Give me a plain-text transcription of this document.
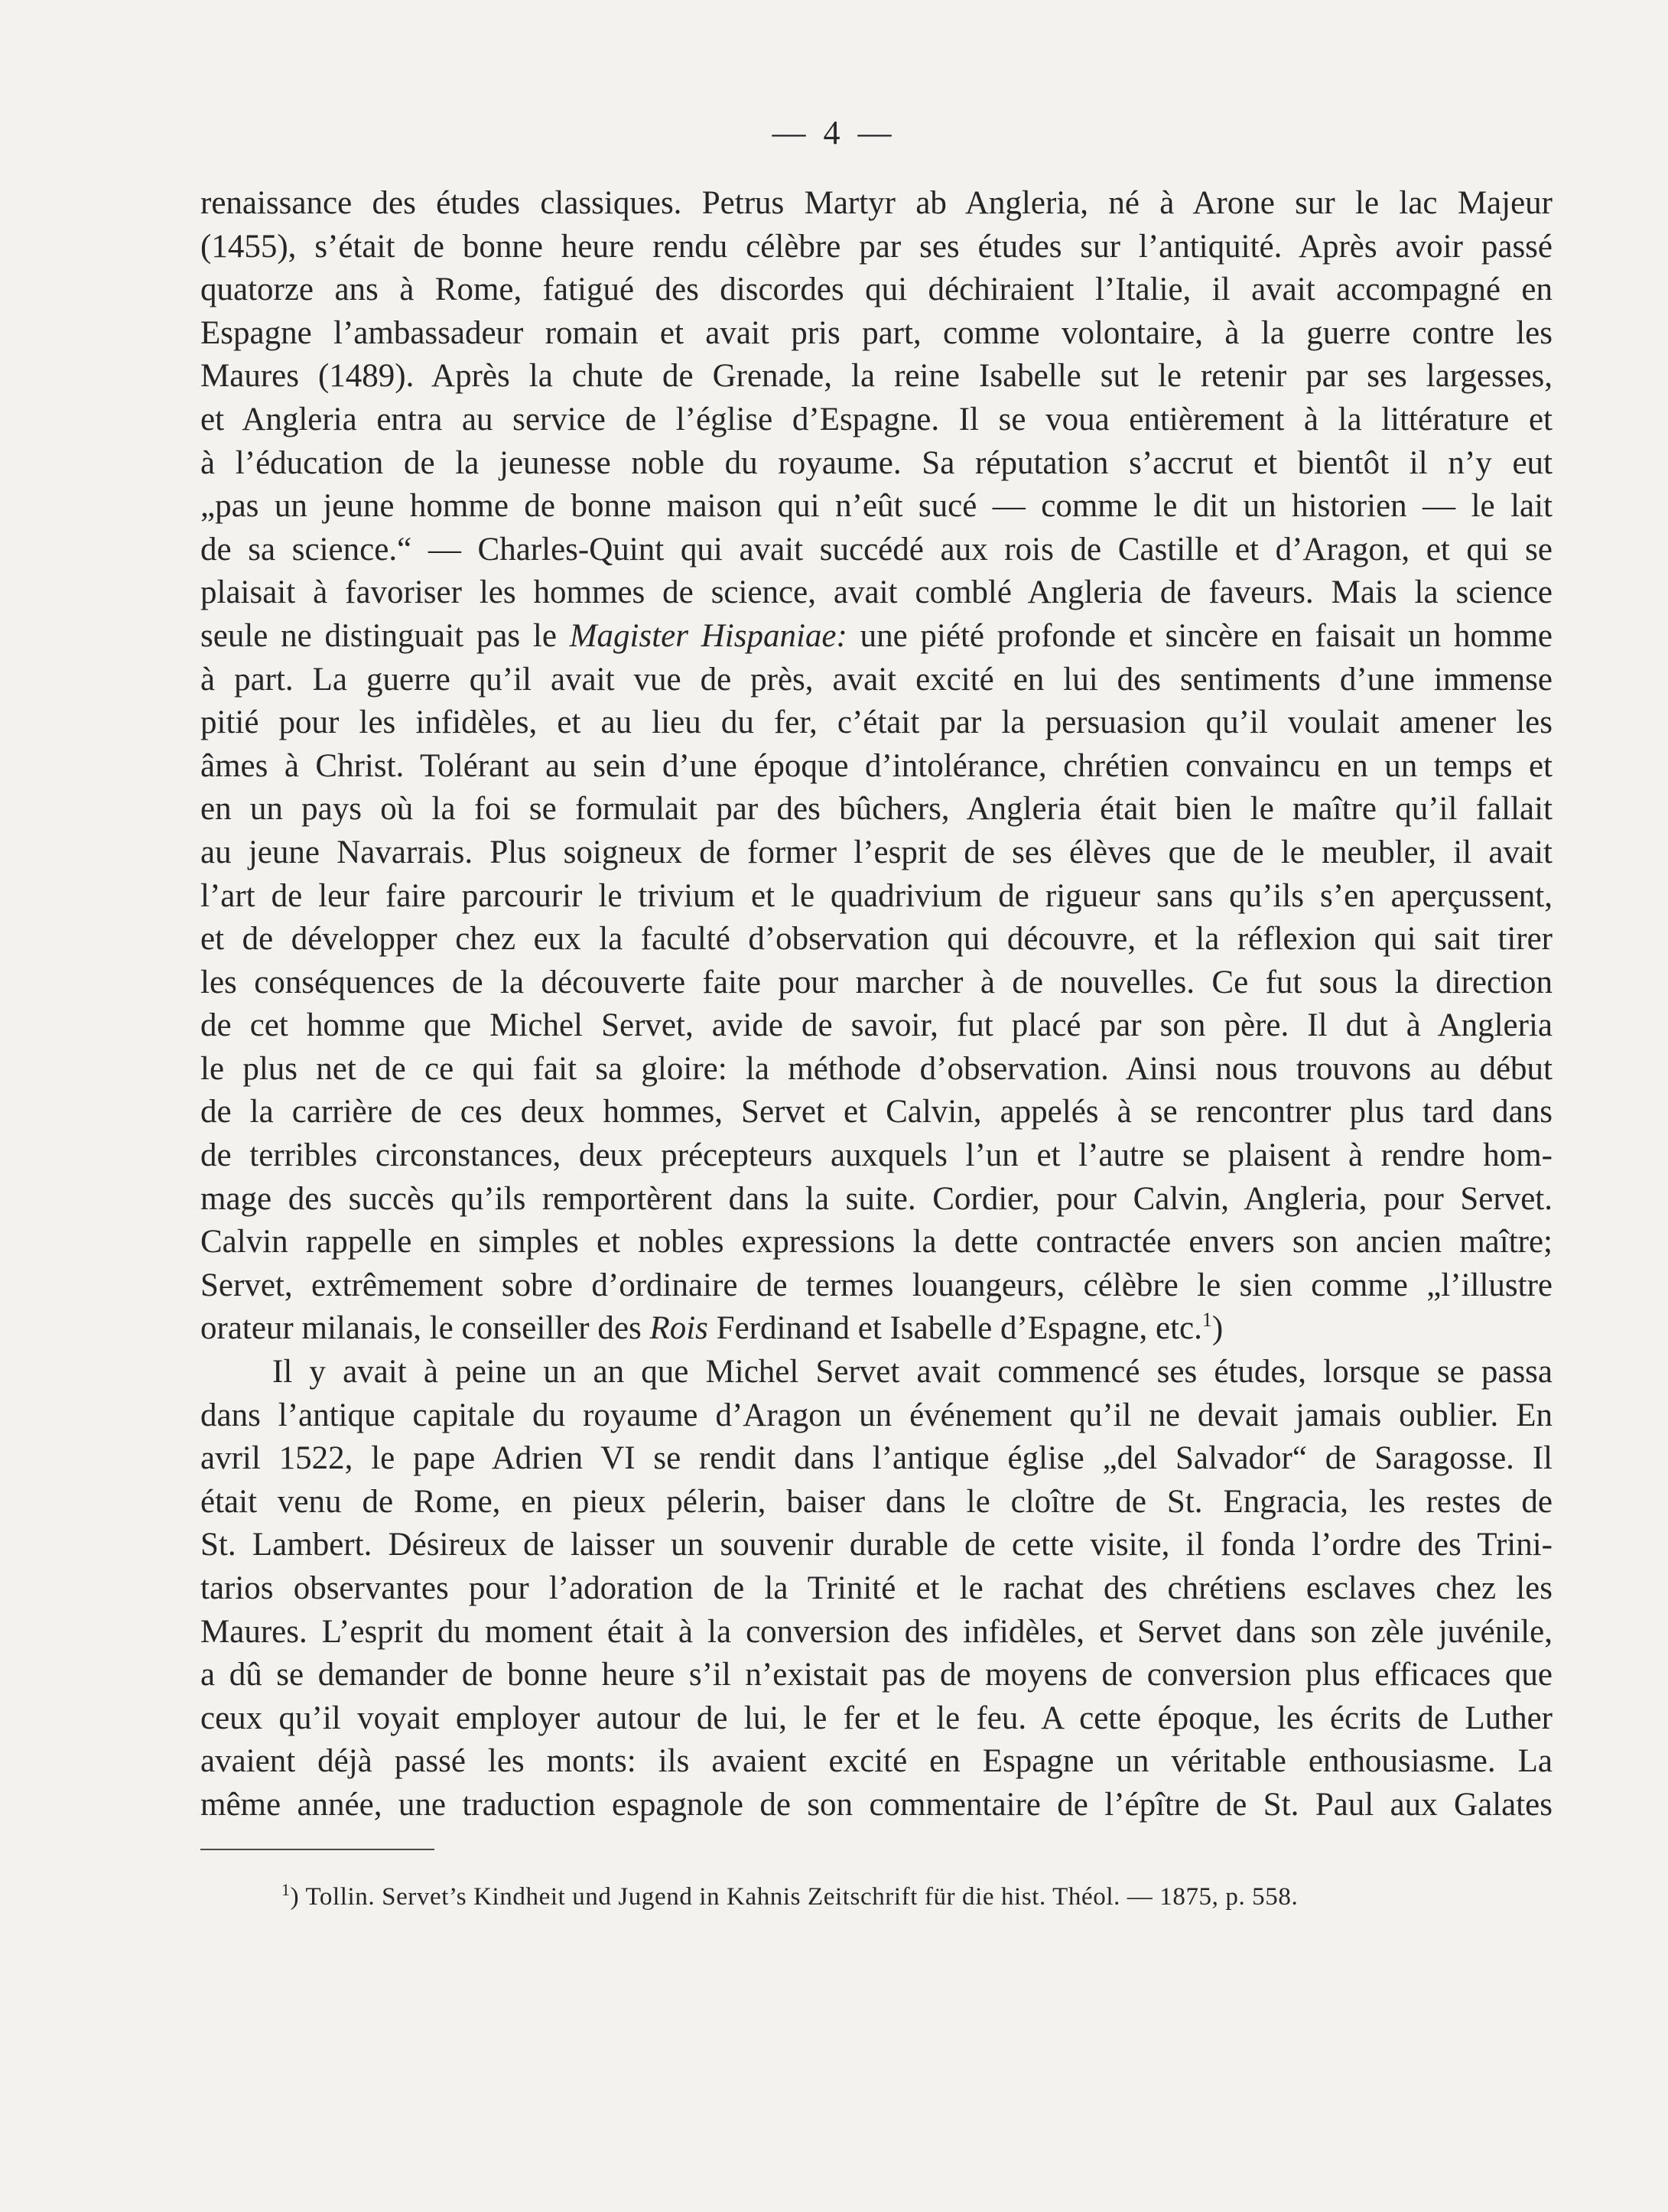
— 4 —
renaissance des études classiques. Petrus Martyr ab Angleria, né à Arone sur le lac Majeur
(1455), s’était de bonne heure rendu célèbre par ses études sur l’antiquité. Après avoir passé
quatorze ans à Rome, fatigué des discordes qui déchiraient l’Italie, il avait accompagné en
Espagne l’ambassadeur romain et avait pris part, comme volontaire, à la guerre contre les
Maures (1489). Après la chute de Grenade, la reine Isabelle sut le retenir par ses largesses,
et Angleria entra au service de l’église d’Espagne. Il se voua entièrement à la littérature et
à l’éducation de la jeunesse noble du royaume. Sa réputation s’accrut et bientôt il n’y eut
„pas un jeune homme de bonne maison qui n’eût sucé — comme le dit un historien — le lait
de sa science.“ — Charles-Quint qui avait succédé aux rois de Castille et d’Aragon, et qui se
plaisait à favoriser les hommes de science, avait comblé Angleria de faveurs. Mais la science
seule ne distinguait pas le Magister Hispaniae: une piété profonde et sincère en faisait un homme
à part. La guerre qu’il avait vue de près, avait excité en lui des sentiments d’une immense
pitié pour les infidèles, et au lieu du fer, c’était par la persuasion qu’il voulait amener les
âmes à Christ. Tolérant au sein d’une époque d’intolérance, chrétien convaincu en un temps et
en un pays où la foi se formulait par des bûchers, Angleria était bien le maître qu’il fallait
au jeune Navarrais. Plus soigneux de former l’esprit de ses élèves que de le meubler, il avait
l’art de leur faire parcourir le trivium et le quadrivium de rigueur sans qu’ils s’en aperçussent,
et de développer chez eux la faculté d’observation qui découvre, et la réflexion qui sait tirer
les conséquences de la découverte faite pour marcher à de nouvelles. Ce fut sous la direction
de cet homme que Michel Servet, avide de savoir, fut placé par son père. Il dut à Angleria
le plus net de ce qui fait sa gloire: la méthode d’observation. Ainsi nous trouvons au début
de la carrière de ces deux hommes, Servet et Calvin, appelés à se rencontrer plus tard dans
de terribles circonstances, deux précepteurs auxquels l’un et l’autre se plaisent à rendre hom-
mage des succès qu’ils remportèrent dans la suite. Cordier, pour Calvin, Angleria, pour Servet.
Calvin rappelle en simples et nobles expressions la dette contractée envers son ancien maître;
Servet, extrêmement sobre d’ordinaire de termes louangeurs, célèbre le sien comme „l’illustre
orateur milanais, le conseiller des Rois Ferdinand et Isabelle d’Espagne, etc.$^1$)
Il y avait à peine un an que Michel Servet avait commencé ses études, lorsque se passa
dans l’antique capitale du royaume d’Aragon un événement qu’il ne devait jamais oublier. En
avril 1522, le pape Adrien VI se rendit dans l’antique église „del Salvador“ de Saragosse. Il
était venu de Rome, en pieux pélerin, baiser dans le cloître de St. Engracia, les restes de
St. Lambert. Désireux de laisser un souvenir durable de cette visite, il fonda l’ordre des Trini-
tarios observantes pour l’adoration de la Trinité et le rachat des chrétiens esclaves chez les
Maures. L’esprit du moment était à la conversion des infidèles, et Servet dans son zèle juvénile,
a dû se demander de bonne heure s’il n’existait pas de moyens de conversion plus efficaces que
ceux qu’il voyait employer autour de lui, le fer et le feu. A cette époque, les écrits de Luther
avaient déjà passé les monts: ils avaient excité en Espagne un véritable enthousiasme. La
même année, une traduction espagnole de son commentaire de l’épître de St. Paul aux Galates
$^1$) Tollin. Servet’s Kindheit und Jugend in Kahnis Zeitschrift für die hist. Théol. — 1875, p. 558.
